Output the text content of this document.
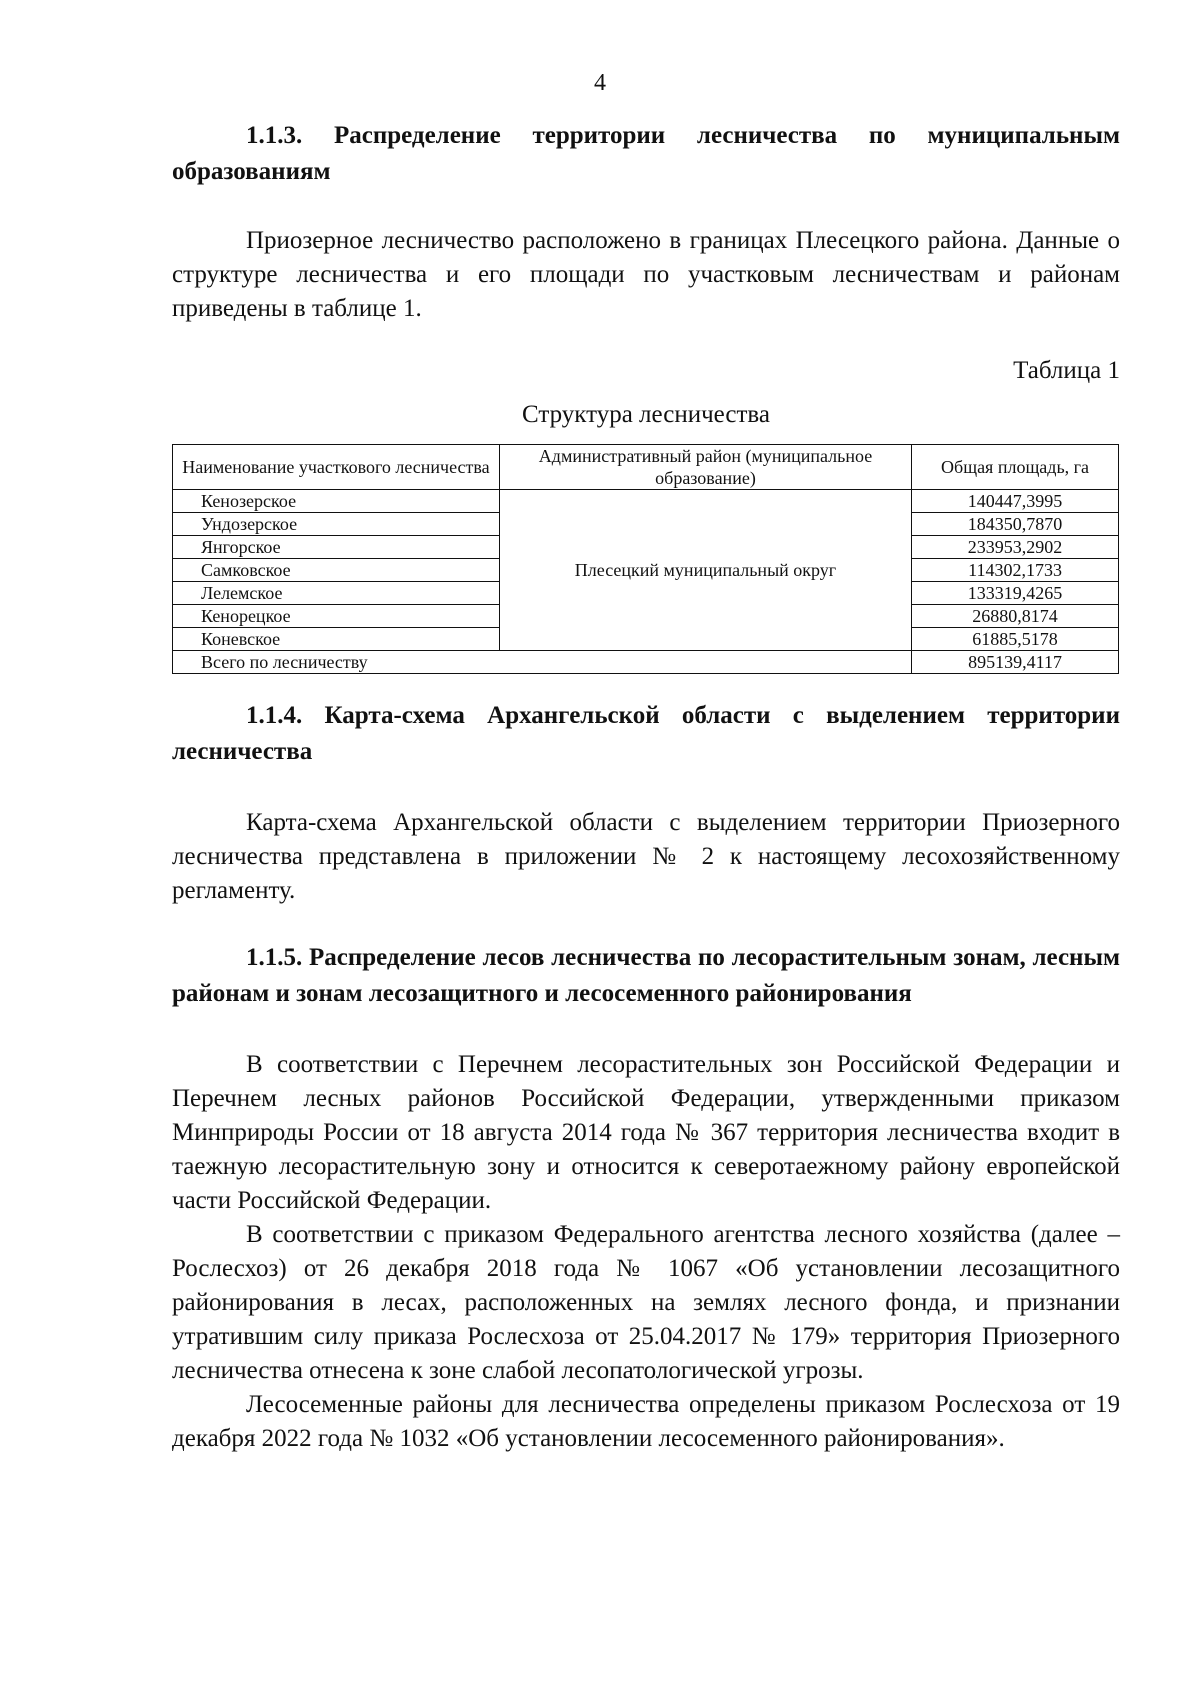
4

1.1.3. Распределение территории лесничества по муниципальным образованиям

Приозерное лесничество расположено в границах Плесецкого района. Данные о структуре лесничества и его площади по участковым лесничествам и районам приведены в таблице 1.

Таблица 1
Структура лесничества
Наименование участкового лесничества	Административный район (муниципальное образование)	Общая площадь, га
Кенозерское	Плесецкий муниципальный округ	140447,3995
Ундозерское		184350,7870
Янгорское		233953,2902
Самковское		114302,1733
Лелемское		133319,4265
Кенорецкое		26880,8174
Коневское		61885,5178
Всего по лесничеству		895139,4117

1.1.4. Карта-схема Архангельской области с выделением территории лесничества

Карта-схема Архангельской области с выделением территории Приозерного лесничества представлена в приложении № 2 к настоящему лесохозяйственному регламенту.

1.1.5. Распределение лесов лесничества по лесорастительным зонам, лесным районам и зонам лесозащитного и лесосеменного районирования

В соответствии с Перечнем лесорастительных зон Российской Федерации и Перечнем лесных районов Российской Федерации, утвержденными приказом Минприроды России от 18 августа 2014 года № 367 территория лесничества входит в таежную лесорастительную зону и относится к северотаежному району европейской части Российской Федерации.

В соответствии с приказом Федерального агентства лесного хозяйства (далее – Рослесхоз) от 26 декабря 2018 года № 1067 «Об установлении лесозащитного районирования в лесах, расположенных на землях лесного фонда, и признании утратившим силу приказа Рослесхоза от 25.04.2017 № 179» территория Приозерного лесничества отнесена к зоне слабой лесопатологической угрозы.

Лесосеменные районы для лесничества определены приказом Рослесхоза от 19 декабря 2022 года № 1032 «Об установлении лесосеменного районирования».
